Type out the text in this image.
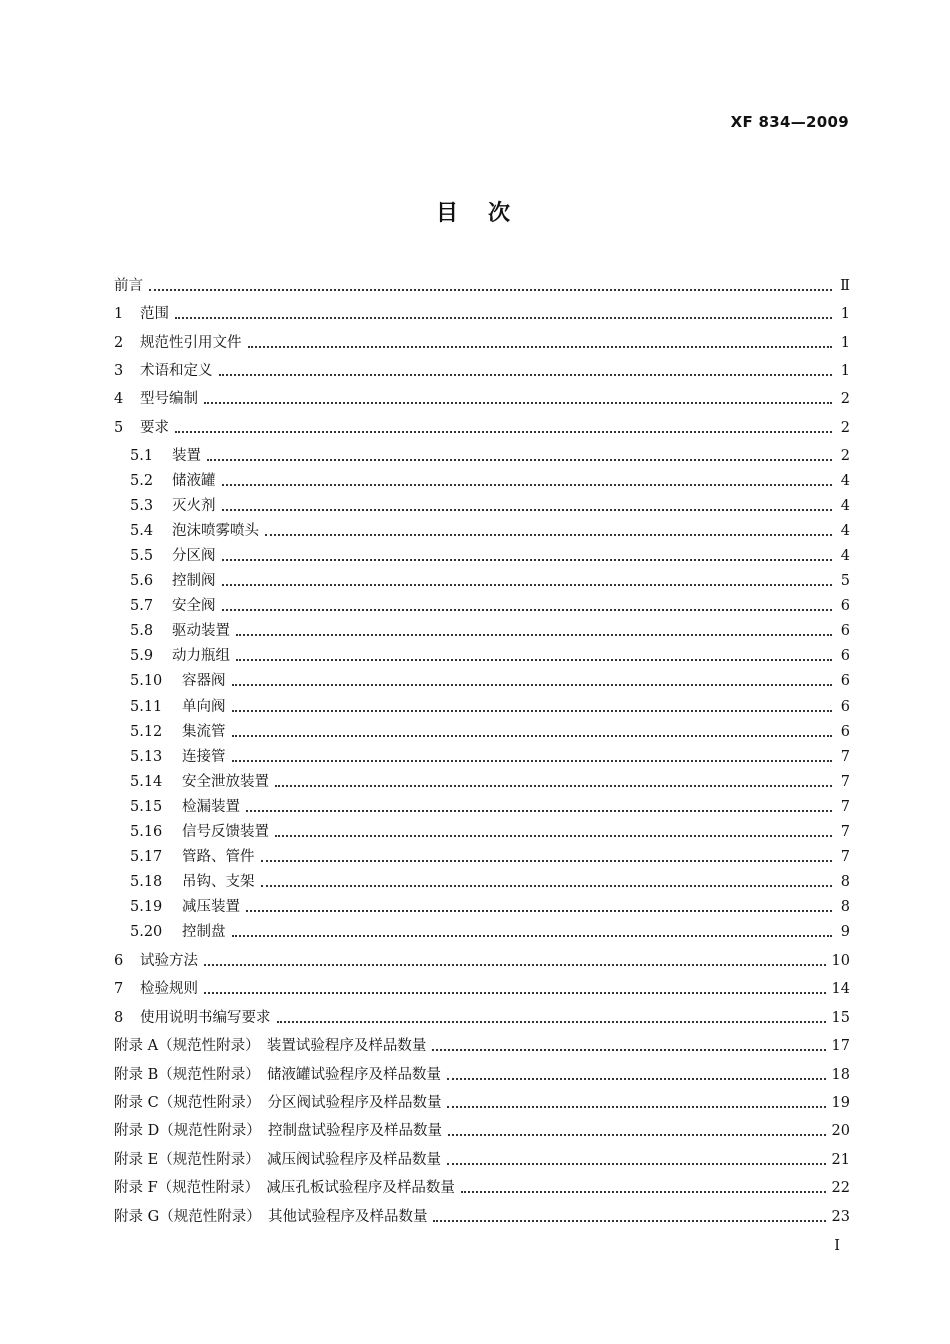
XF 834—2009
目　次
前言	Ⅱ
1	范围	1
2	规范性引用文件	1
3	术语和定义	1
4	型号编制	2
5	要求	2
5.1	装置	2
5.2	储液罐	4
5.3	灭火剂	4
5.4	泡沫喷雾喷头	4
5.5	分区阀	4
5.6	控制阀	5
5.7	安全阀	6
5.8	驱动装置	6
5.9	动力瓶组	6
5.10	容器阀	6
5.11	单向阀	6
5.12	集流管	6
5.13	连接管	7
5.14	安全泄放装置	7
5.15	检漏装置	7
5.16	信号反馈装置	7
5.17	管路、管件	7
5.18	吊钩、支架	8
5.19	减压装置	8
5.20	控制盘	9
6	试验方法	10
7	检验规则	14
8	使用说明书编写要求	15
附录 A（规范性附录）　装置试验程序及样品数量	17
附录 B（规范性附录）　储液罐试验程序及样品数量	18
附录 C（规范性附录）　分区阀试验程序及样品数量	19
附录 D（规范性附录）　控制盘试验程序及样品数量	20
附录 E（规范性附录）　减压阀试验程序及样品数量	21
附录 F（规范性附录）　减压孔板试验程序及样品数量	22
附录 G（规范性附录）　其他试验程序及样品数量	23
Ⅰ
